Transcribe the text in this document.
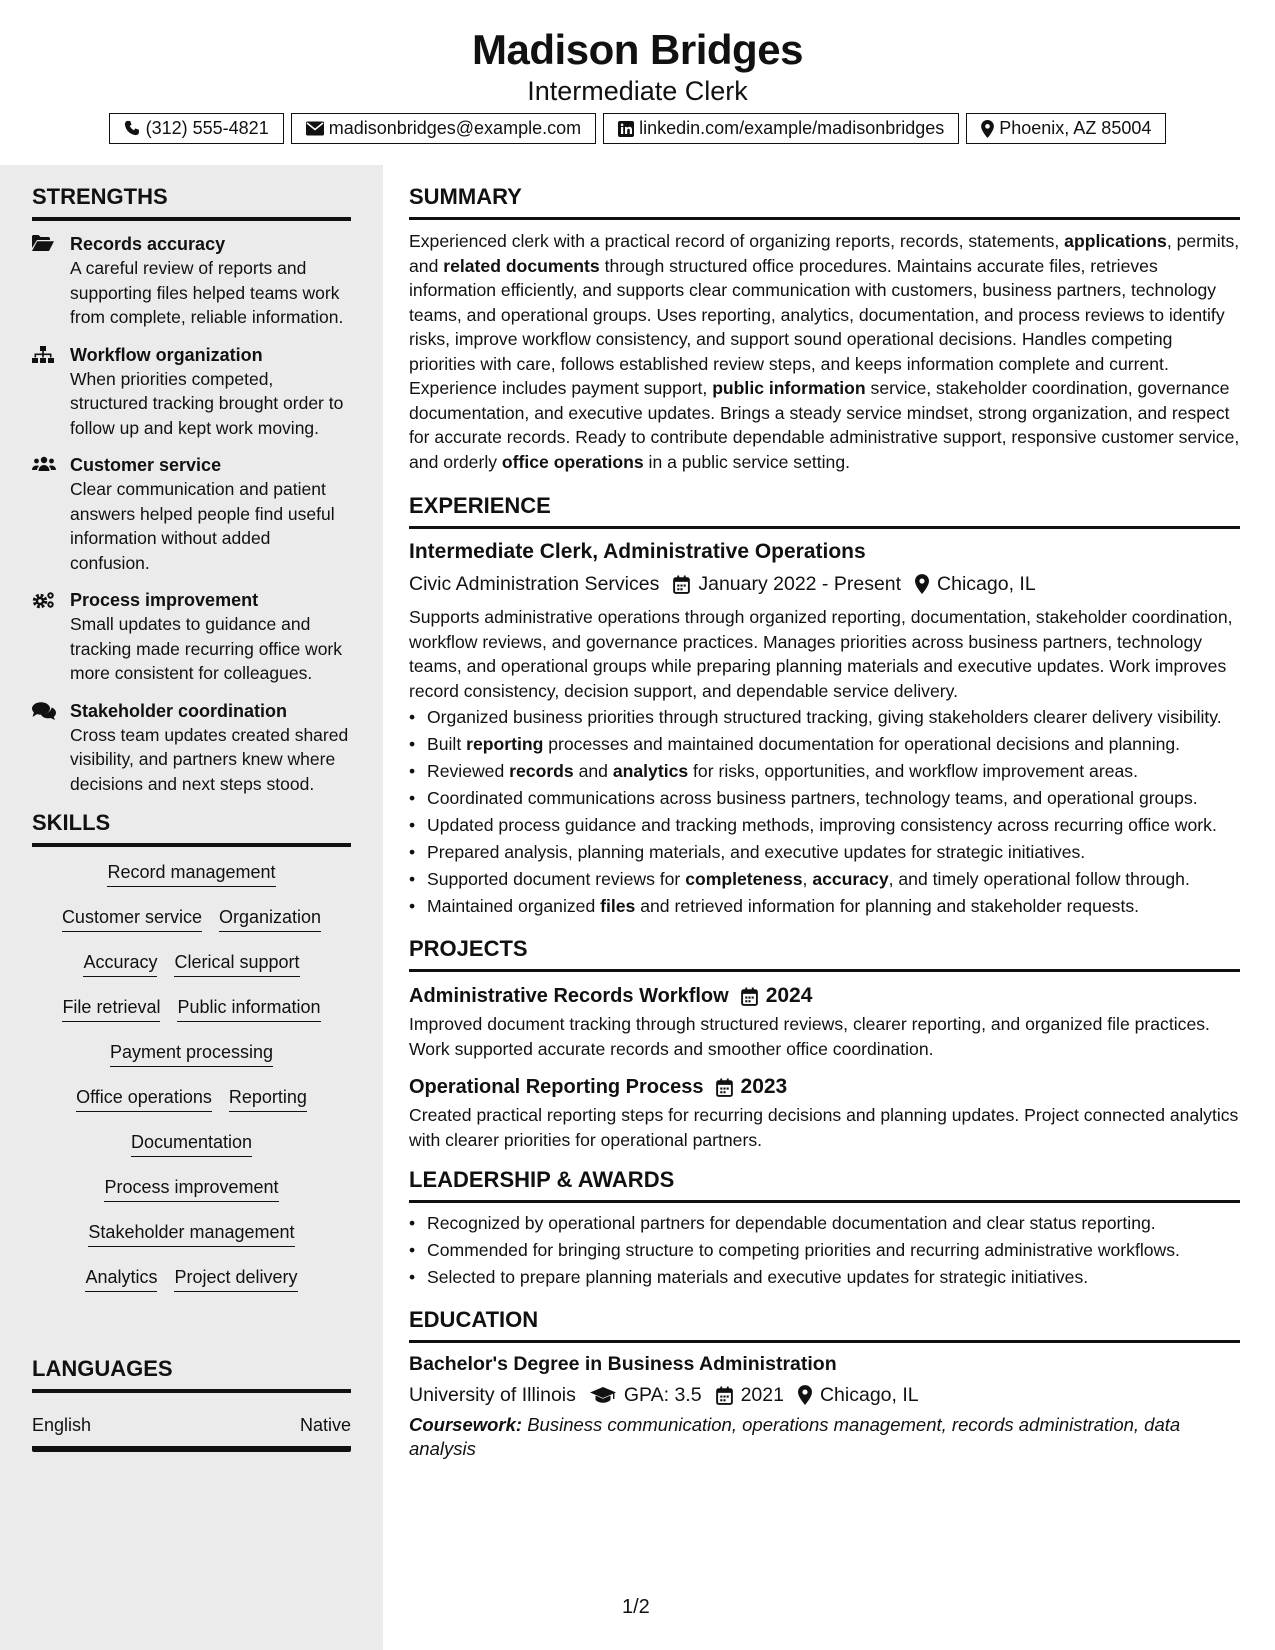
Madison Bridges
Intermediate Clerk
(312) 555-4821	madisonbridges@example.com	linkedin.com/example/madisonbridges	Phoenix, AZ 85004
STRENGTHS
Records accuracy
A careful review of reports and supporting files helped teams work from complete, reliable information.
Workflow organization
When priorities competed, structured tracking brought order to follow up and kept work moving.
Customer service
Clear communication and patient answers helped people find useful information without added confusion.
Process improvement
Small updates to guidance and tracking made recurring office work more consistent for colleagues.
Stakeholder coordination
Cross team updates created shared visibility, and partners knew where decisions and next steps stood.
SKILLS
Record management
Customer service Organization
Accuracy Clerical support
File retrieval Public information
Payment processing
Office operations Reporting
Documentation
Process improvement
Stakeholder management
Analytics Project delivery
LANGUAGES
English	Native
SUMMARY
Experienced clerk with a practical record of organizing reports, records, statements, applications, permits, and related documents through structured office procedures. Maintains accurate files, retrieves information efficiently, and supports clear communication with customers, business partners, technology teams, and operational groups. Uses reporting, analytics, documentation, and process reviews to identify risks, improve workflow consistency, and support sound operational decisions. Handles competing priorities with care, follows established review steps, and keeps information complete and current. Experience includes payment support, public information service, stakeholder coordination, governance documentation, and executive updates. Brings a steady service mindset, strong organization, and respect for accurate records. Ready to contribute dependable administrative support, responsive customer service, and orderly office operations in a public service setting.
EXPERIENCE
Intermediate Clerk, Administrative Operations
Civic Administration Services January 2022 - Present Chicago, IL
Supports administrative operations through organized reporting, documentation, stakeholder coordination, workflow reviews, and governance practices. Manages priorities across business partners, technology teams, and operational groups while preparing planning materials and executive updates. Work improves record consistency, decision support, and dependable service delivery.
• Organized business priorities through structured tracking, giving stakeholders clearer delivery visibility.
• Built reporting processes and maintained documentation for operational decisions and planning.
• Reviewed records and analytics for risks, opportunities, and workflow improvement areas.
• Coordinated communications across business partners, technology teams, and operational groups.
• Updated process guidance and tracking methods, improving consistency across recurring office work.
• Prepared analysis, planning materials, and executive updates for strategic initiatives.
• Supported document reviews for completeness, accuracy, and timely operational follow through.
• Maintained organized files and retrieved information for planning and stakeholder requests.
PROJECTS
Administrative Records Workflow 2024
Improved document tracking through structured reviews, clearer reporting, and organized file practices. Work supported accurate records and smoother office coordination.
Operational Reporting Process 2023
Created practical reporting steps for recurring decisions and planning updates. Project connected analytics with clearer priorities for operational partners.
LEADERSHIP & AWARDS
• Recognized by operational partners for dependable documentation and clear status reporting.
• Commended for bringing structure to competing priorities and recurring administrative workflows.
• Selected to prepare planning materials and executive updates for strategic initiatives.
EDUCATION
Bachelor's Degree in Business Administration
University of Illinois GPA: 3.5 2021 Chicago, IL
Coursework: Business communication, operations management, records administration, data analysis
1/2
